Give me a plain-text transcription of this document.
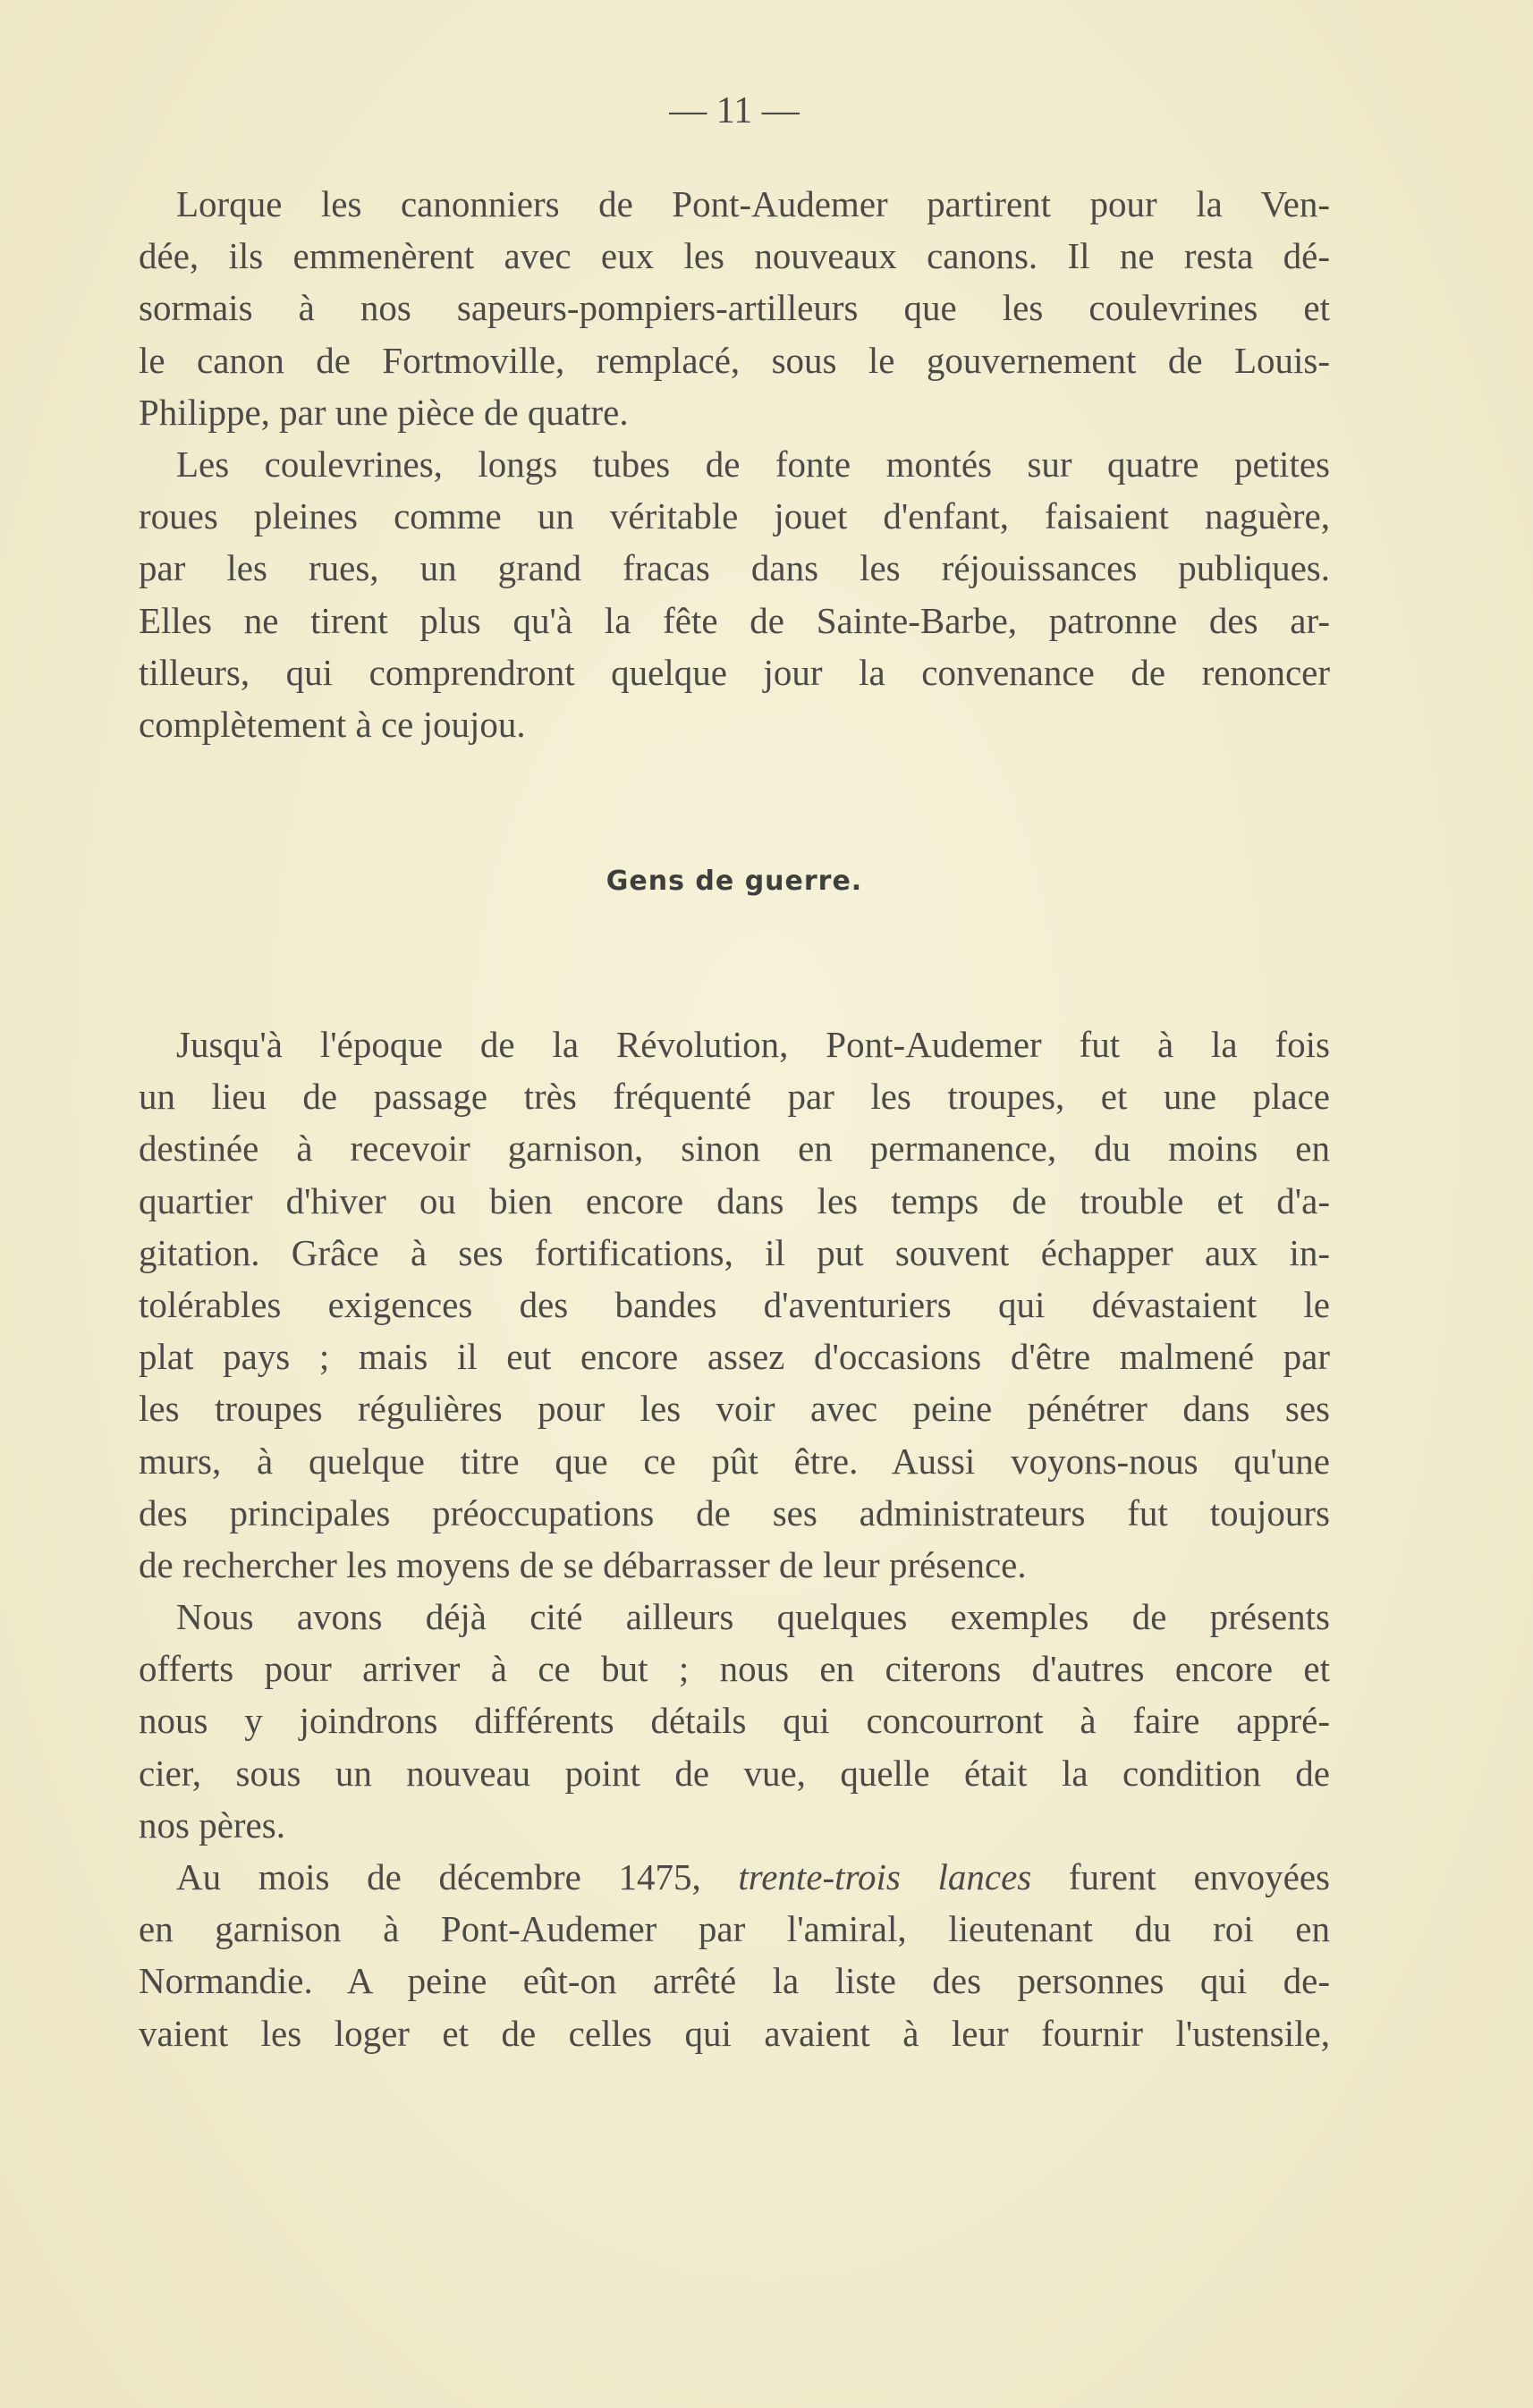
— 11 —
Lorque les canonniers de Pont-Audemer partirent pour la Ven-
dée, ils emmenèrent avec eux les nouveaux canons. Il ne resta dé-
sormais à nos sapeurs-pompiers-artilleurs que les coulevrines et
le canon de Fortmoville, remplacé, sous le gouvernement de Louis-
Philippe, par une pièce de quatre.
Les coulevrines, longs tubes de fonte montés sur quatre petites
roues pleines comme un véritable jouet d'enfant, faisaient naguère,
par les rues, un grand fracas dans les réjouissances publiques.
Elles ne tirent plus qu'à la fête de Sainte-Barbe, patronne des ar-
tilleurs, qui comprendront quelque jour la convenance de renoncer
complètement à ce joujou.
Gens de guerre.
Jusqu'à l'époque de la Révolution, Pont-Audemer fut à la fois
un lieu de passage très fréquenté par les troupes, et une place
destinée à recevoir garnison, sinon en permanence, du moins en
quartier d'hiver ou bien encore dans les temps de trouble et d'a-
gitation. Grâce à ses fortifications, il put souvent échapper aux in-
tolérables exigences des bandes d'aventuriers qui dévastaient le
plat pays ; mais il eut encore assez d'occasions d'être malmené par
les troupes régulières pour les voir avec peine pénétrer dans ses
murs, à quelque titre que ce pût être. Aussi voyons-nous qu'une
des principales préoccupations de ses administrateurs fut toujours
de rechercher les moyens de se débarrasser de leur présence.
Nous avons déjà cité ailleurs quelques exemples de présents
offerts pour arriver à ce but ; nous en citerons d'autres encore et
nous y joindrons différents détails qui concourront à faire appré-
cier, sous un nouveau point de vue, quelle était la condition de
nos pères.
Au mois de décembre 1475, trente-trois lances furent envoyées
en garnison à Pont-Audemer par l'amiral, lieutenant du roi en
Normandie. A peine eût-on arrêté la liste des personnes qui de-
vaient les loger et de celles qui avaient à leur fournir l'ustensile,
